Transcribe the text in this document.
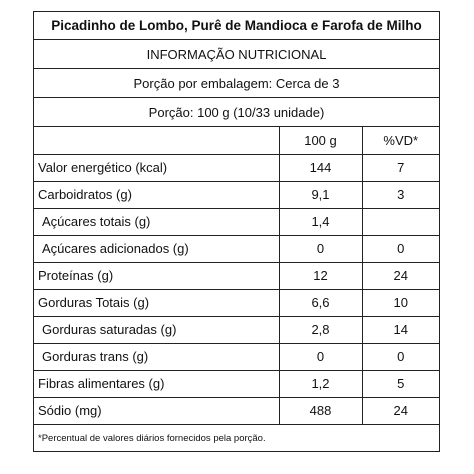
Picadinho de Lombo, Purê de Mandioca e Farofa de Milho
INFORMAÇÃO NUTRICIONAL
Porção por embalagem: Cerca de 3
Porção: 100 g (10/33 unidade)
	100 g	%VD*
Valor energético (kcal)	144	7
Carboidratos (g)	9,1	3
Açúcares totais (g)	1,4	
Açúcares adicionados (g)	0	0
Proteínas (g)	12	24
Gorduras Totais (g)	6,6	10
Gorduras saturadas (g)	2,8	14
Gorduras trans (g)	0	0
Fibras alimentares (g)	1,2	5
Sódio (mg)	488	24
*Percentual de valores diários fornecidos pela porção.
